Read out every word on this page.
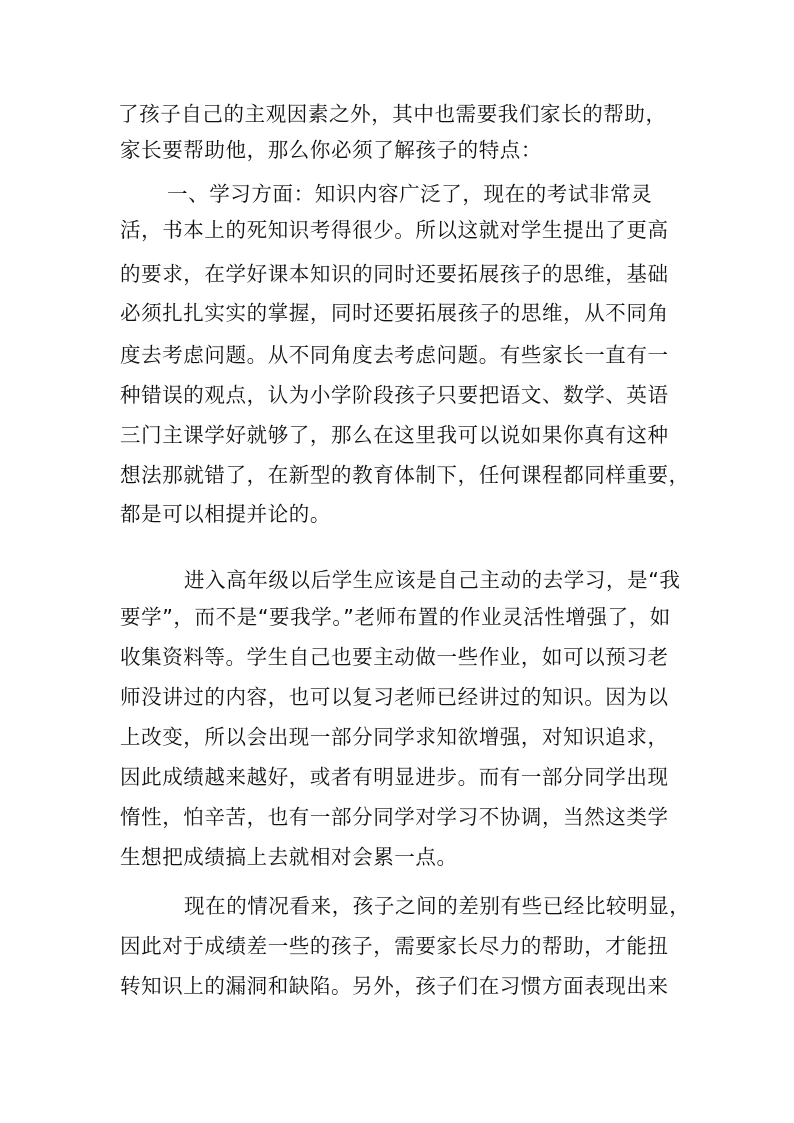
了孩子自己的主观因素之外，其中也需要我们家长的帮助，
家长要帮助他，那么你必须了解孩子的特点：
一、学习方面：知识内容广泛了，现在的考试非常灵
活，书本上的死知识考得很少。所以这就对学生提出了更高
的要求，在学好课本知识的同时还要拓展孩子的思维，基础
必须扎扎实实的掌握，同时还要拓展孩子的思维，从不同角
度去考虑问题。从不同角度去考虑问题。有些家长一直有一
种错误的观点，认为小学阶段孩子只要把语文、数学、英语
三门主课学好就够了，那么在这里我可以说如果你真有这种
想法那就错了，在新型的教育体制下，任何课程都同样重要，
都是可以相提并论的。
进入高年级以后学生应该是自己主动的去学习，是“我
要学”，而不是“要我学。”老师布置的作业灵活性增强了，如
收集资料等。学生自己也要主动做一些作业，如可以预习老
师没讲过的内容，也可以复习老师已经讲过的知识。因为以
上改变，所以会出现一部分同学求知欲增强，对知识追求，
因此成绩越来越好，或者有明显进步。而有一部分同学出现
惰性，怕辛苦，也有一部分同学对学习不协调，当然这类学
生想把成绩搞上去就相对会累一点。
现在的情况看来，孩子之间的差别有些已经比较明显，
因此对于成绩差一些的孩子，需要家长尽力的帮助，才能扭
转知识上的漏洞和缺陷。另外，孩子们在习惯方面表现出来
